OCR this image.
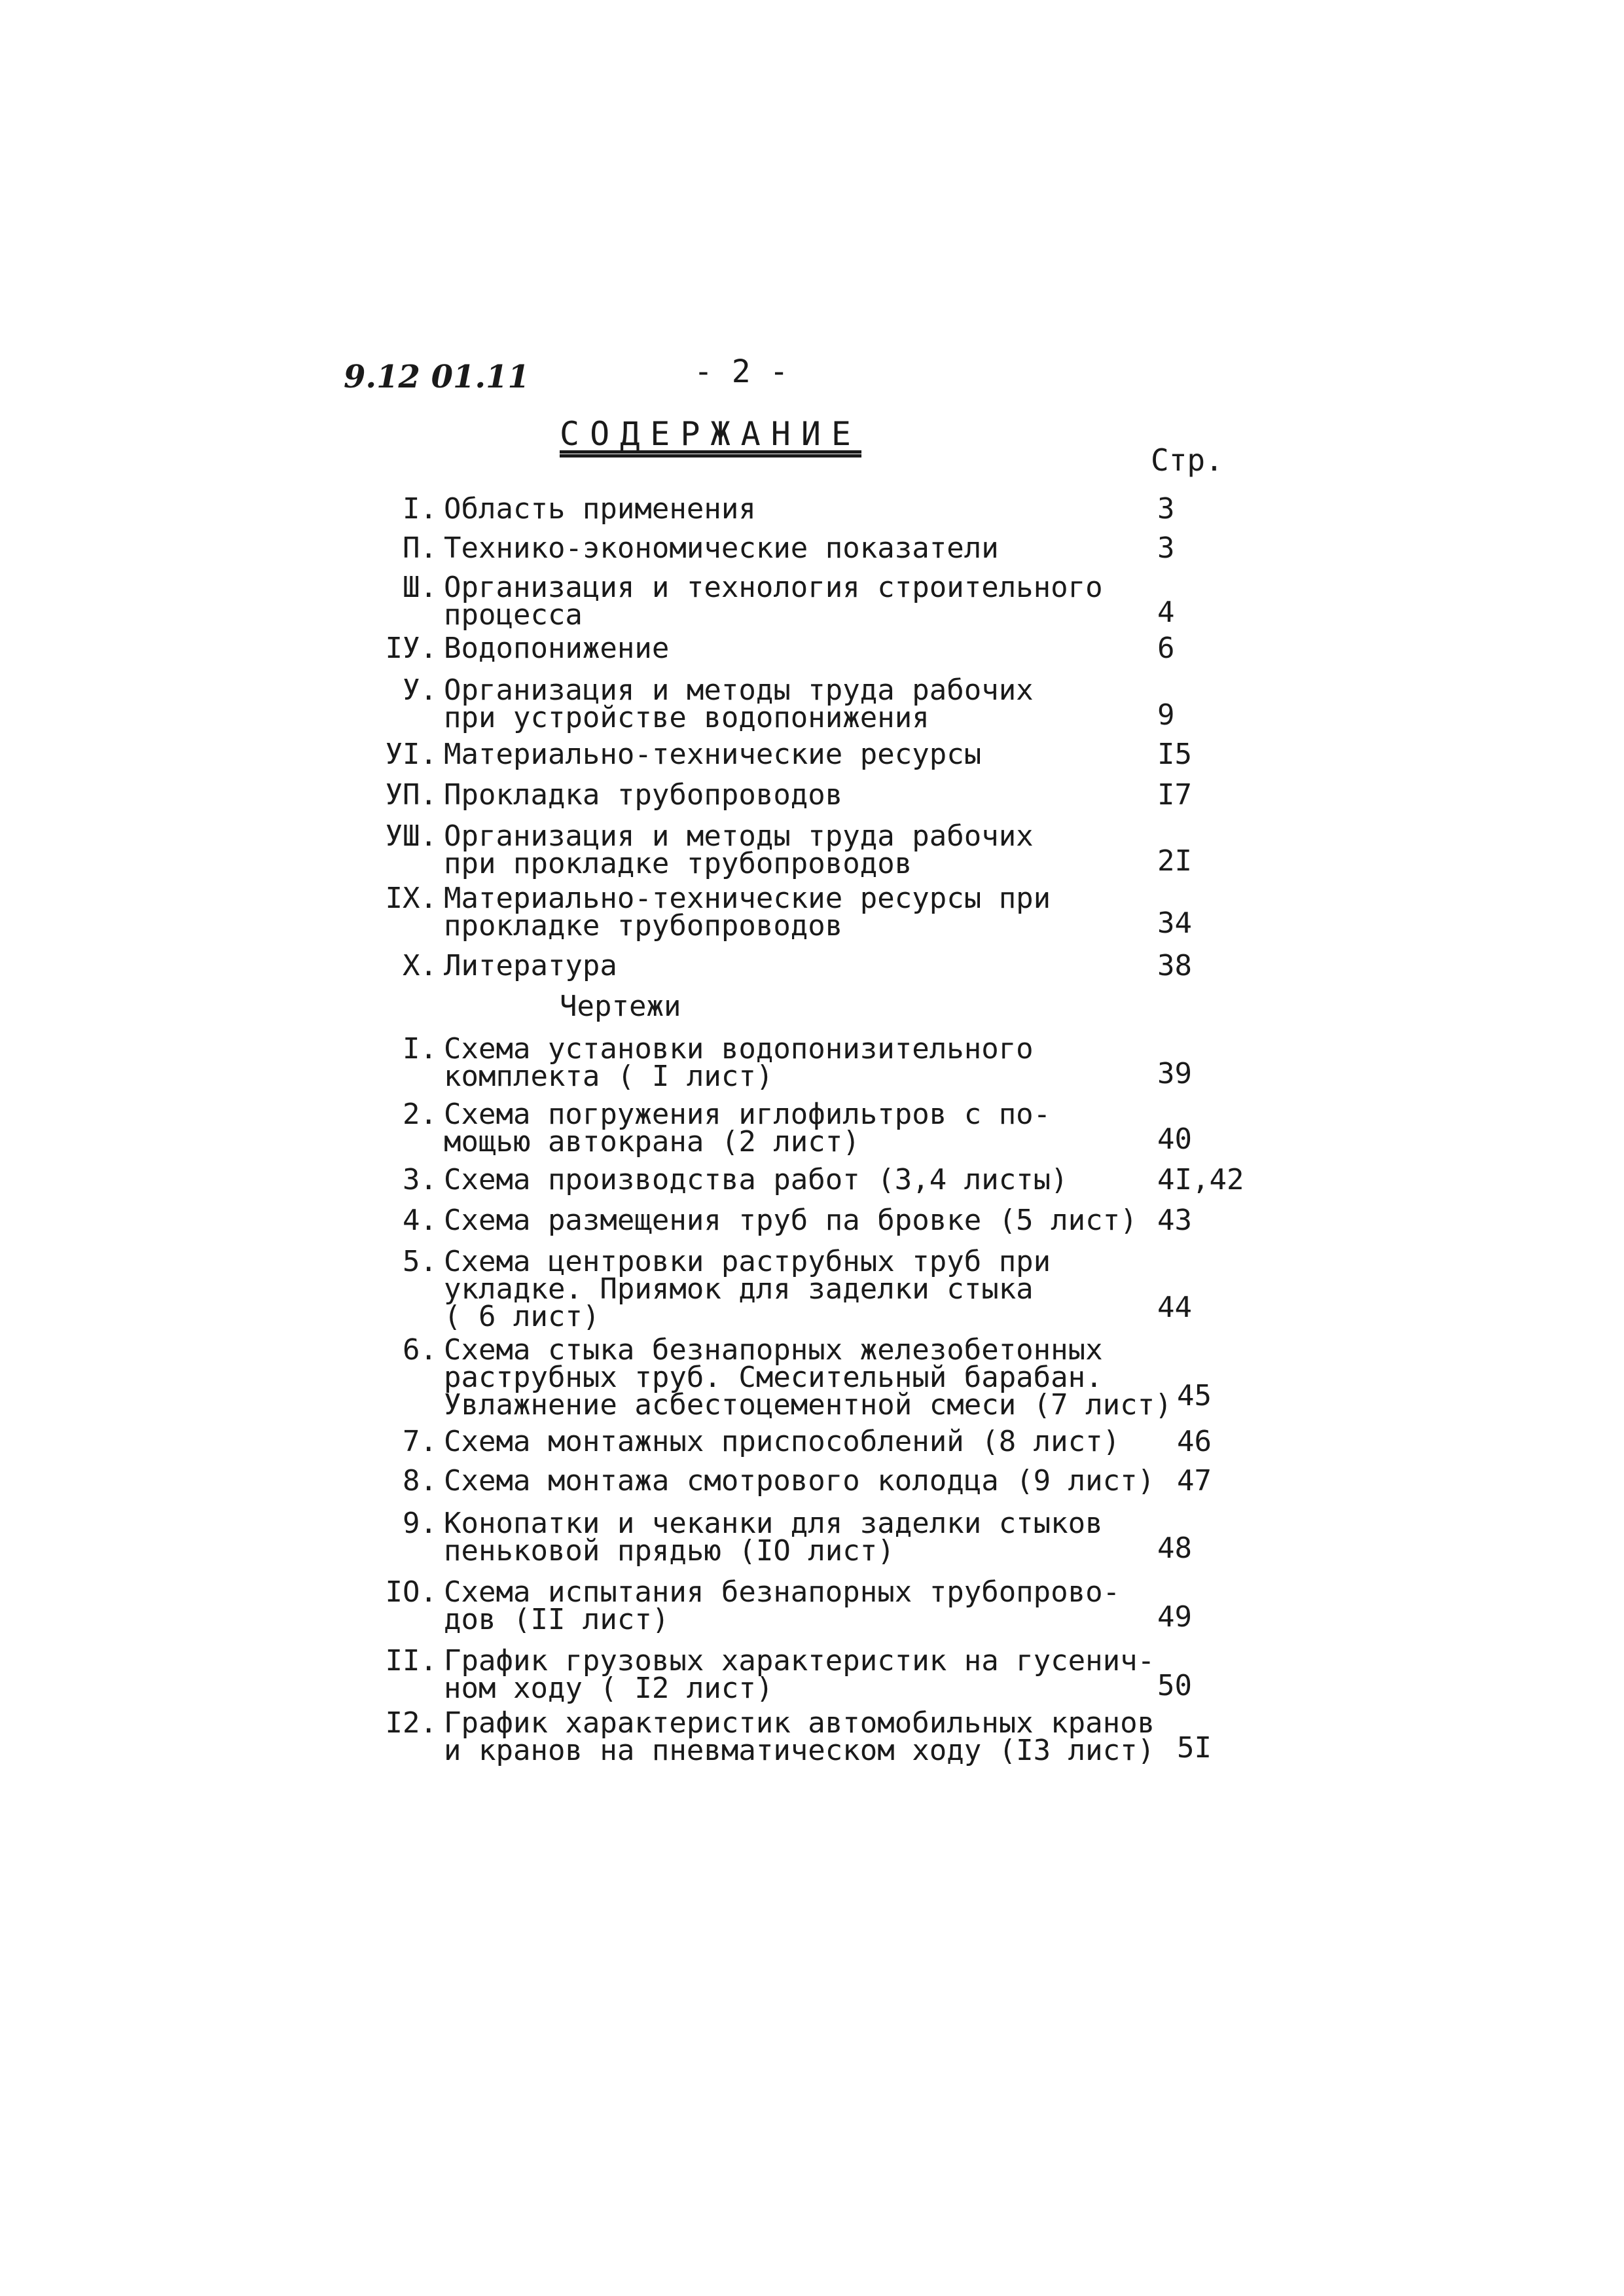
9.12 01.11	- 2 -
СОДЕРЖАНИЕ
Стр.
I. Область применения	3
П. Технико-экономические показатели	3
Ш. Организация и технология строительного
процесса	4
IУ. Водопонижение	6
У. Организация и методы труда рабочих
при устройстве водопонижения	9
УI. Материально-технические ресурсы	I5
УП. Прокладка трубопроводов	I7
УШ. Организация и методы труда рабочих
при прокладке трубопроводов	2I
IX. Материально-технические ресурсы при
прокладке трубопроводов	34
X. Литература	38
I. Схема установки водопонизительного
комплекта ( I лист)	39
2. Схема погружения иглофильтров с по-
мощью автокрана (2 лист)	40
3. Схема производства работ (3,4 листы)	4I,42
4. Схема размещения труб па бровке (5 лист) 43
5. Схема центровки раструбных труб при
укладке. Приямок для заделки стыка
( 6 лист)	44
6. Схема стыка безнапорных железобетонных
раструбных труб. Смесительный барабан.
Увлажнение асбестоцементной смеси (7 лист) 45
7. Схема монтажных приспособлений (8 лист) 46
8. Схема монтажа смотрового колодца (9 лист) 47
9. Конопатки и чеканки для заделки стыков
пеньковой прядью (IO лист)	48
IO. Схема испытания безнапорных трубопрово-
дов (II лист)	49
II. График грузовых характеристик на гусенич-
ном ходу ( I2 лист)	50
I2. График характеристик автомобильных кранов
и кранов на пневматическом ходу (I3 лист) 5I
Чертежи
